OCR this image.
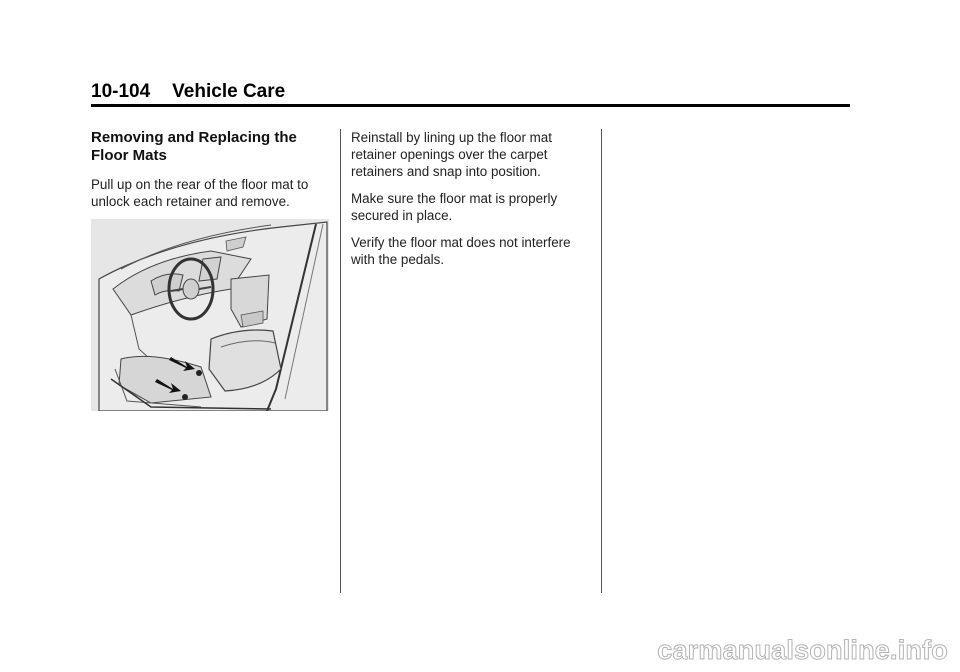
10-104 Vehicle Care
Removing and Replacing the Floor Mats

Pull up on the rear of the floor mat to unlock each retainer and remove.

Reinstall by lining up the floor mat retainer openings over the carpet retainers and snap into position.

Make sure the floor mat is properly secured in place.

Verify the floor mat does not interfere with the pedals.

carmanualsonline.info
